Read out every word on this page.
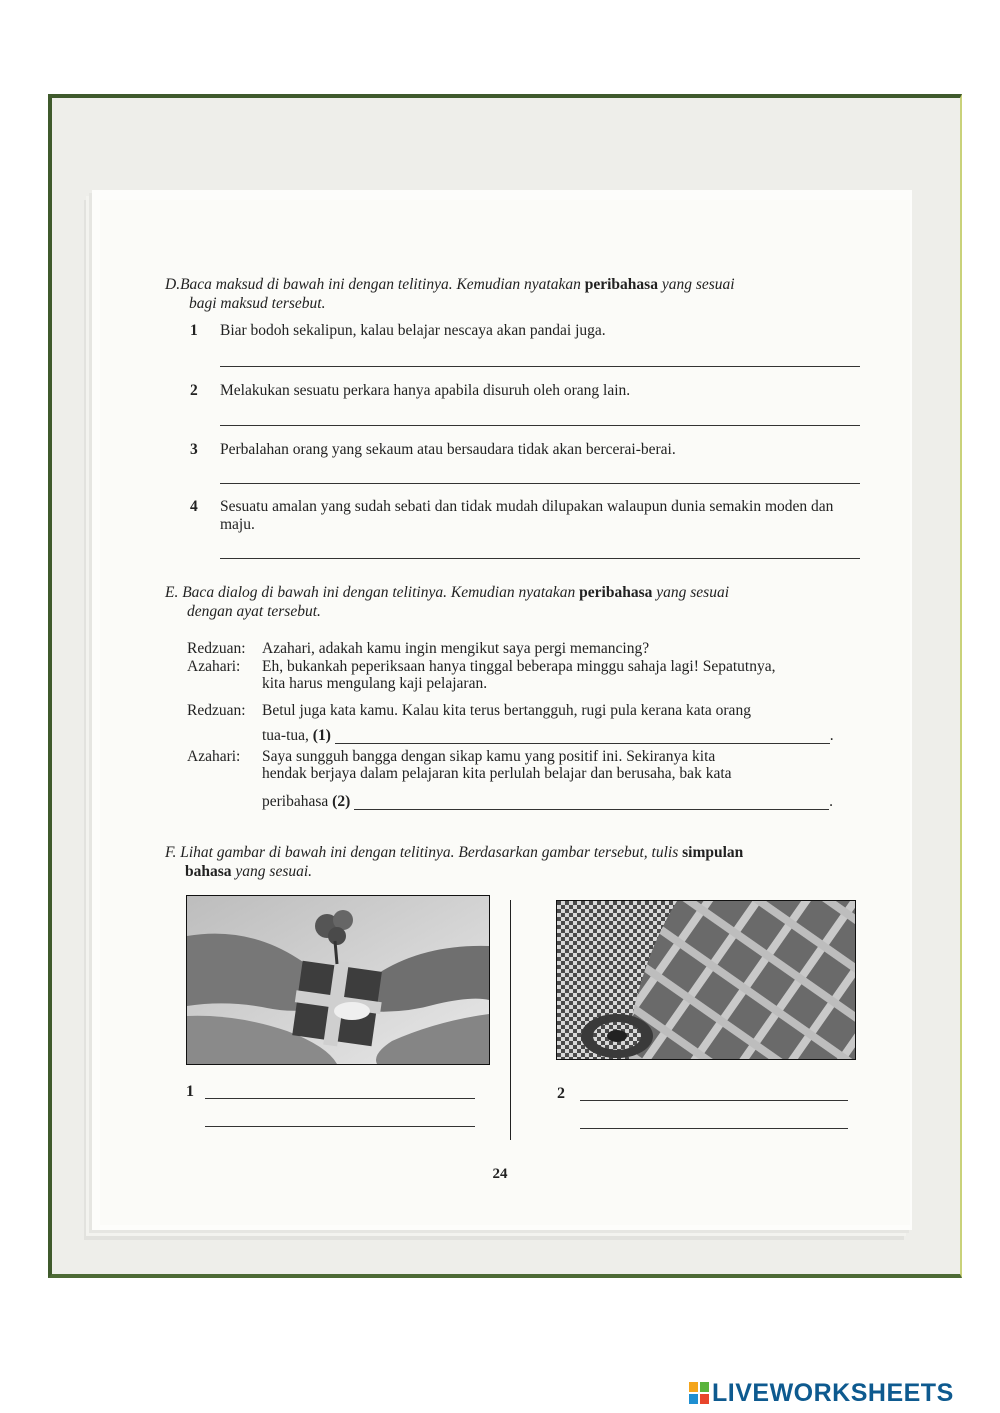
D.Baca maksud di bawah ini dengan telitinya. Kemudian nyatakan peribahasa yang sesuai
bagi maksud tersebut.
1 Biar bodoh sekalipun, kalau belajar nescaya akan pandai juga.
2 Melakukan sesuatu perkara hanya apabila disuruh oleh orang lain.
3 Perbalahan orang yang sekaum atau bersaudara tidak akan bercerai-berai.
4 Sesuatu amalan yang sudah sebati dan tidak mudah dilupakan walaupun dunia semakin moden dan maju.
E. Baca dialog di bawah ini dengan telitinya. Kemudian nyatakan peribahasa yang sesuai
dengan ayat tersebut.
Redzuan:	Azahari, adakah kamu ingin mengikut saya pergi memancing?
Azahari:	Eh, bukankah peperiksaan hanya tinggal beberapa minggu sahaja lagi! Sepatutnya,
kita harus mengulang kaji pelajaran.
Redzuan:	Betul juga kata kamu. Kalau kita terus bertangguh, rugi pula kerana kata orang
tua-tua, (1)	.
Azahari:	Saya sungguh bangga dengan sikap kamu yang positif ini. Sekiranya kita
hendak berjaya dalam pelajaran kita perlulah belajar dan berusaha, bak kata
peribahasa (2)	.
F. Lihat gambar di bawah ini dengan telitinya. Berdasarkan gambar tersebut, tulis simpulan
bahasa yang sesuai.
1	2
24
LIVEWORKSHEETS
